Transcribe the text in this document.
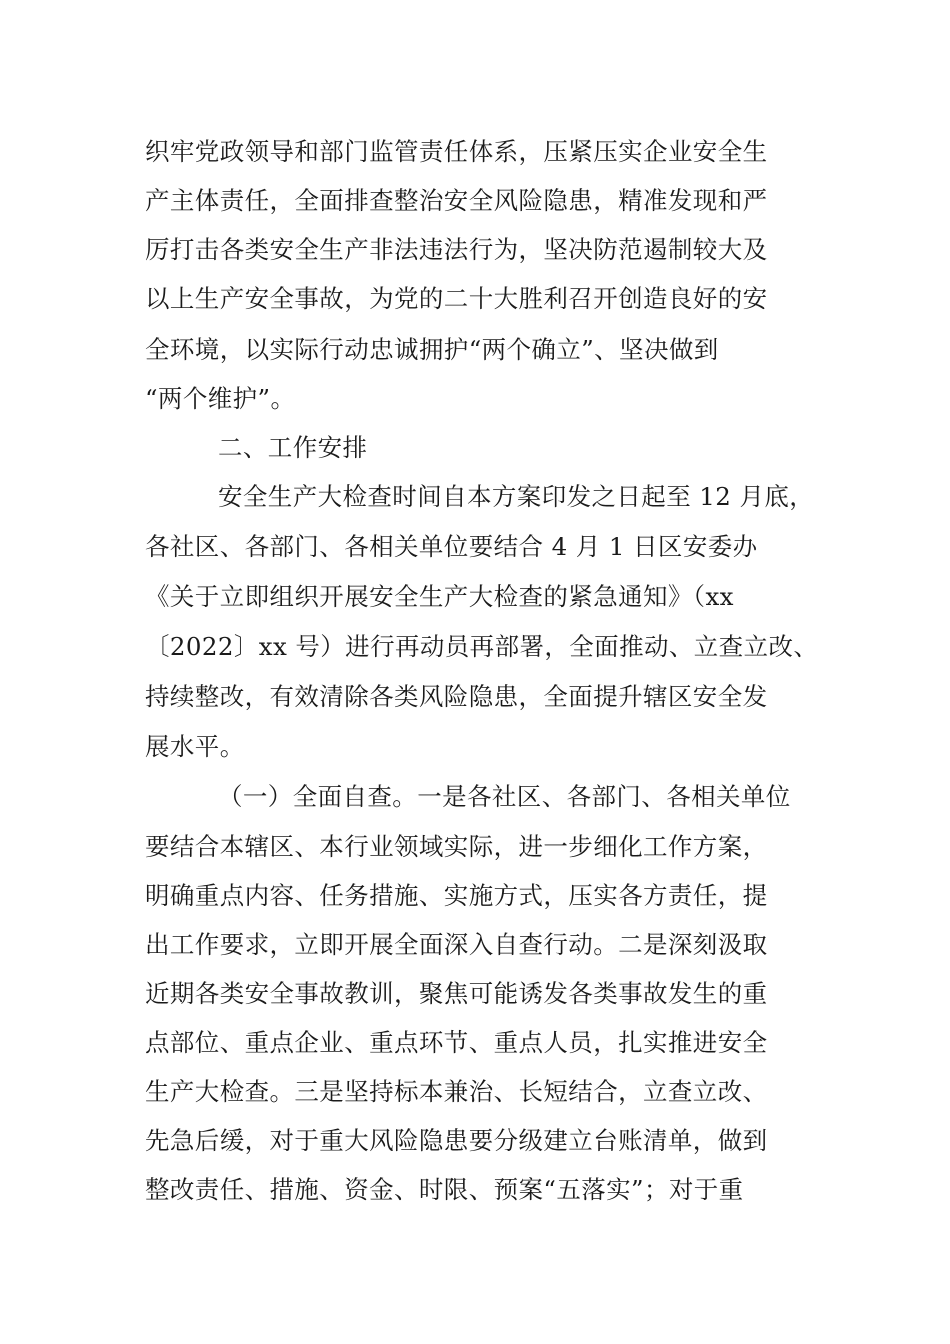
织牢党政领导和部门监管责任体系，压紧压实企业安全生
产主体责任，全面排查整治安全风险隐患，精准发现和严
厉打击各类安全生产非法违法行为，坚决防范遏制较大及
以上生产安全事故，为党的二十大胜利召开创造良好的安
全环境，以实际行动忠诚拥护“两个确立”、坚决做到
“两个维护”。
二、工作安排
安全生产大检查时间自本方案印发之日起至 12 月底，
各社区、各部门、各相关单位要结合 4 月 1 日区安委办
《关于立即组织开展安全生产大检查的紧急通知》（xx
〔2022〕xx 号）进行再动员再部署，全面推动、立查立改、
持续整改，有效清除各类风险隐患，全面提升辖区安全发
展水平。
（一）全面自查。一是各社区、各部门、各相关单位
要结合本辖区、本行业领域实际，进一步细化工作方案，
明确重点内容、任务措施、实施方式，压实各方责任，提
出工作要求，立即开展全面深入自查行动。二是深刻汲取
近期各类安全事故教训，聚焦可能诱发各类事故发生的重
点部位、重点企业、重点环节、重点人员，扎实推进安全
生产大检查。三是坚持标本兼治、长短结合，立查立改、
先急后缓，对于重大风险隐患要分级建立台账清单，做到
整改责任、措施、资金、时限、预案“五落实”；对于重
